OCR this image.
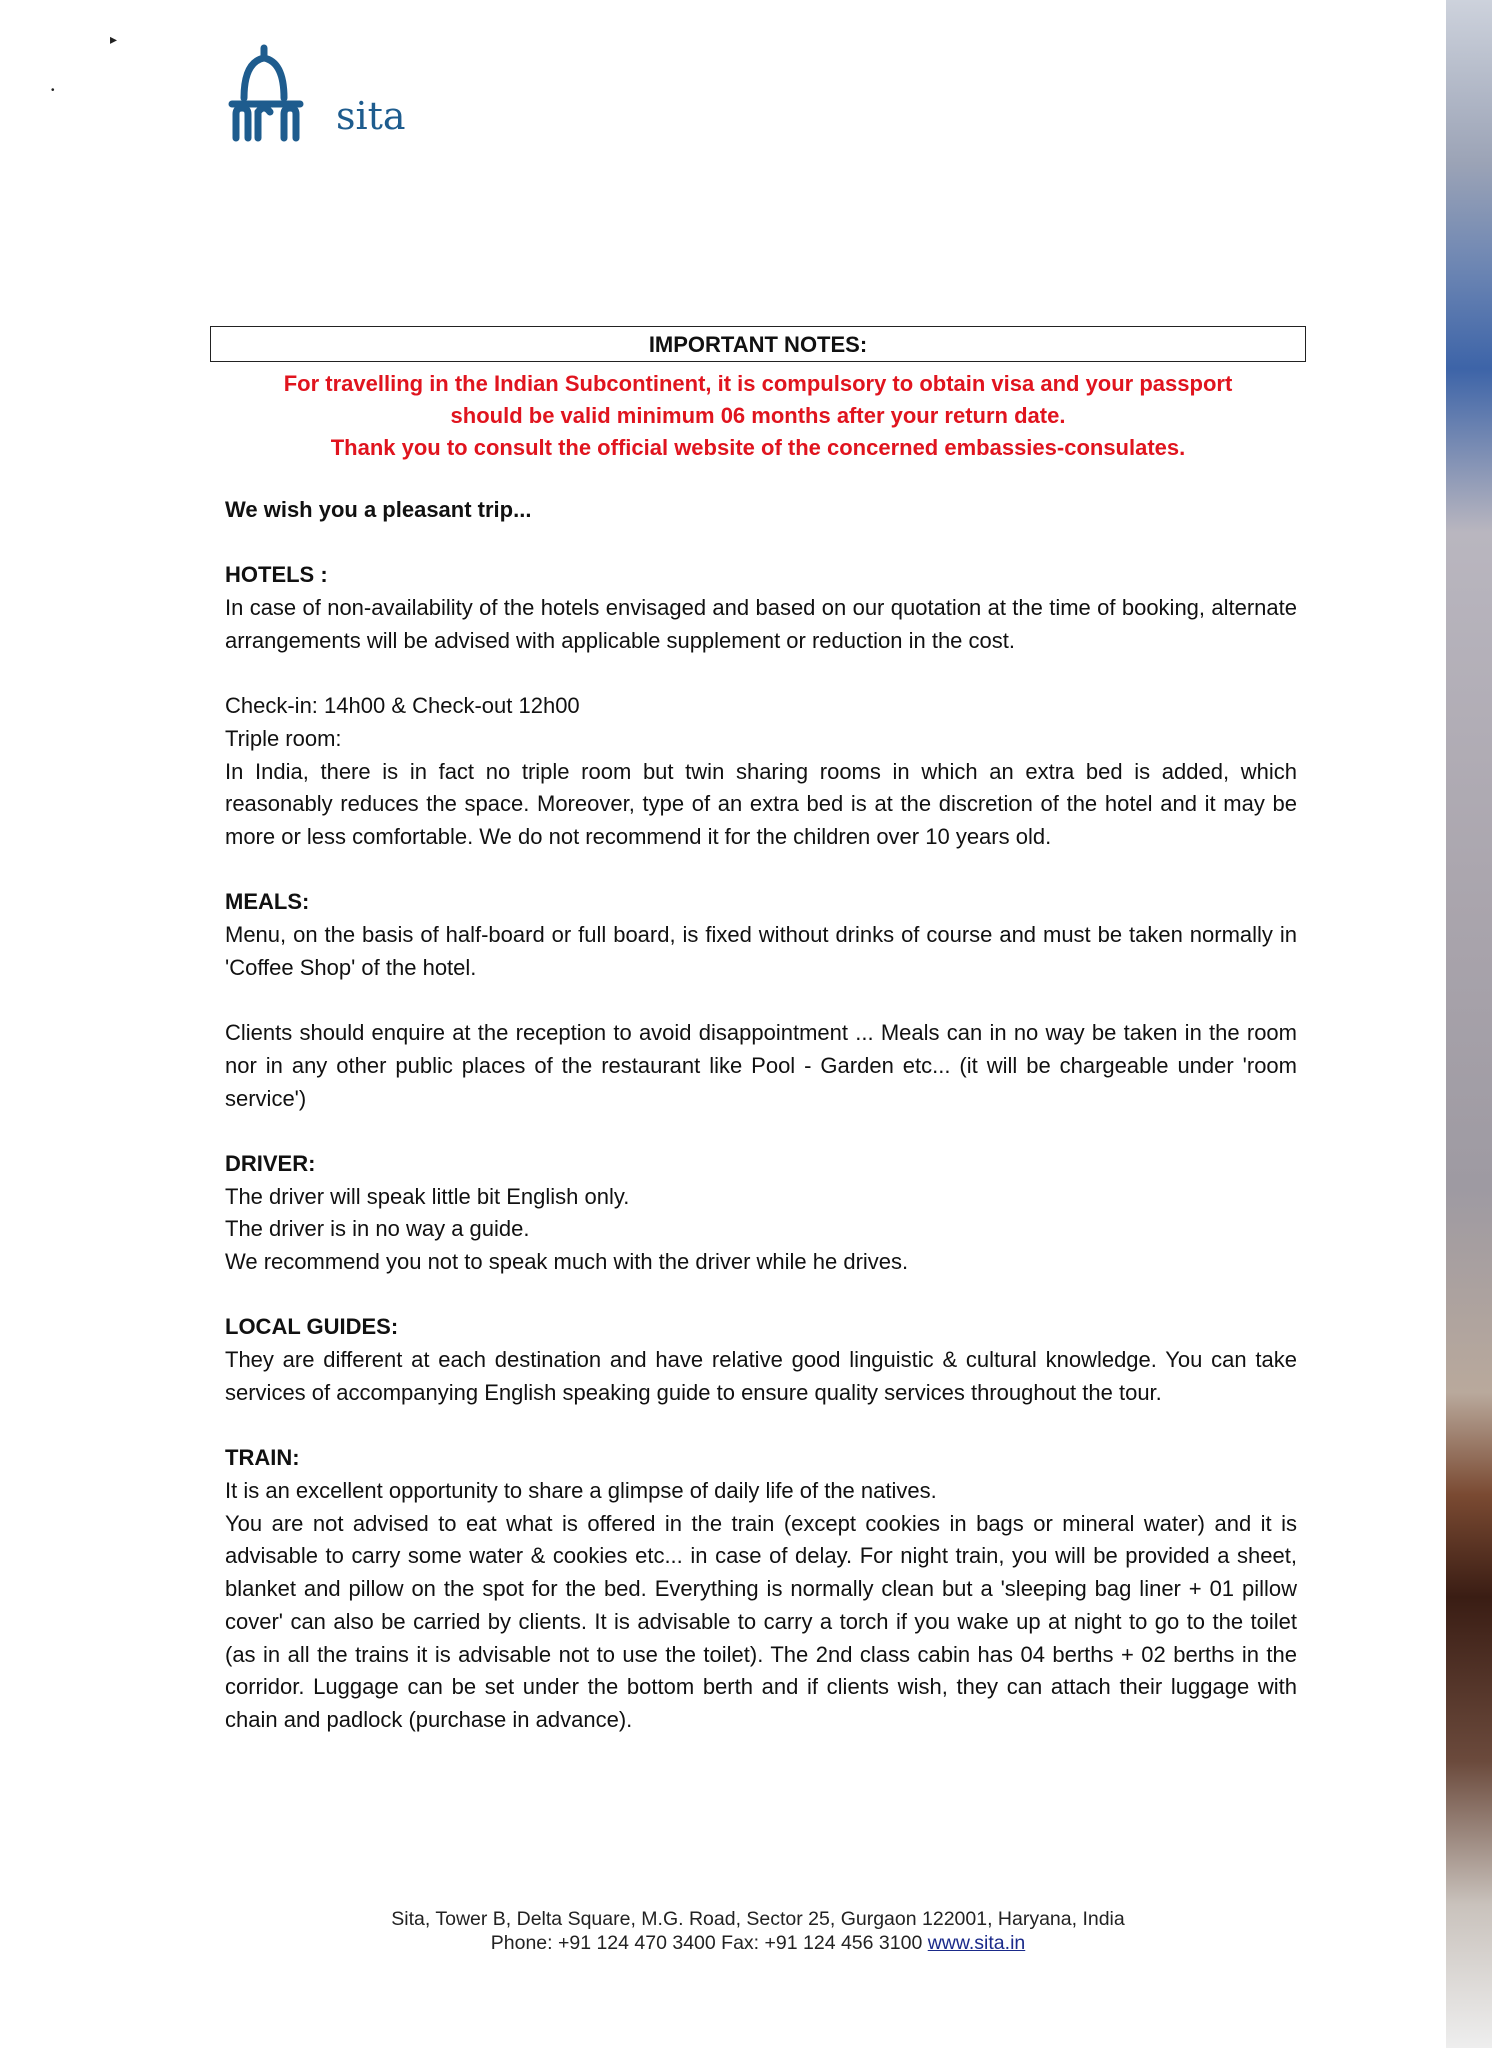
▸
•
sita
IMPORTANT NOTES:
For travelling in the Indian Subcontinent, it is compulsory to obtain visa and your passport
should be valid minimum 06 months after your return date.
Thank you to consult the official website of the concerned embassies-consulates.

We wish you a pleasant trip...

HOTELS :
In case of non-availability of the hotels envisaged and based on our quotation at the time of booking, alternate arrangements will be advised with applicable supplement or reduction in the cost.

Check-in: 14h00 & Check-out 12h00
Triple room:
In India, there is in fact no triple room but twin sharing rooms in which an extra bed is added, which reasonably reduces the space. Moreover, type of an extra bed is at the discretion of the hotel and it may be more or less comfortable. We do not recommend it for the children over 10 years old.

MEALS:
Menu, on the basis of half-board or full board, is fixed without drinks of course and must be taken normally in 'Coffee Shop' of the hotel.

Clients should enquire at the reception to avoid disappointment ... Meals can in no way be taken in the room nor in any other public places of the restaurant like Pool - Garden etc... (it will be chargeable under 'room service')

DRIVER:
The driver will speak little bit English only.
The driver is in no way a guide.
We recommend you not to speak much with the driver while he drives.

LOCAL GUIDES:
They are different at each destination and have relative good linguistic & cultural knowledge. You can take services of accompanying English speaking guide to ensure quality services throughout the tour.

TRAIN:
It is an excellent opportunity to share a glimpse of daily life of the natives.
You are not advised to eat what is offered in the train (except cookies in bags or mineral water) and it is advisable to carry some water & cookies etc... in case of delay. For night train, you will be provided a sheet, blanket and pillow on the spot for the bed. Everything is normally clean but a 'sleeping bag liner + 01 pillow cover' can also be carried by clients. It is advisable to carry a torch if you wake up at night to go to the toilet (as in all the trains it is advisable not to use the toilet). The 2nd class cabin has 04 berths + 02 berths in the corridor. Luggage can be set under the bottom berth and if clients wish, they can attach their luggage with chain and padlock (purchase in advance).

Sita, Tower B, Delta Square, M.G. Road, Sector 25, Gurgaon 122001, Haryana, India
Phone: +91 124 470 3400 Fax: +91 124 456 3100 www.sita.in
